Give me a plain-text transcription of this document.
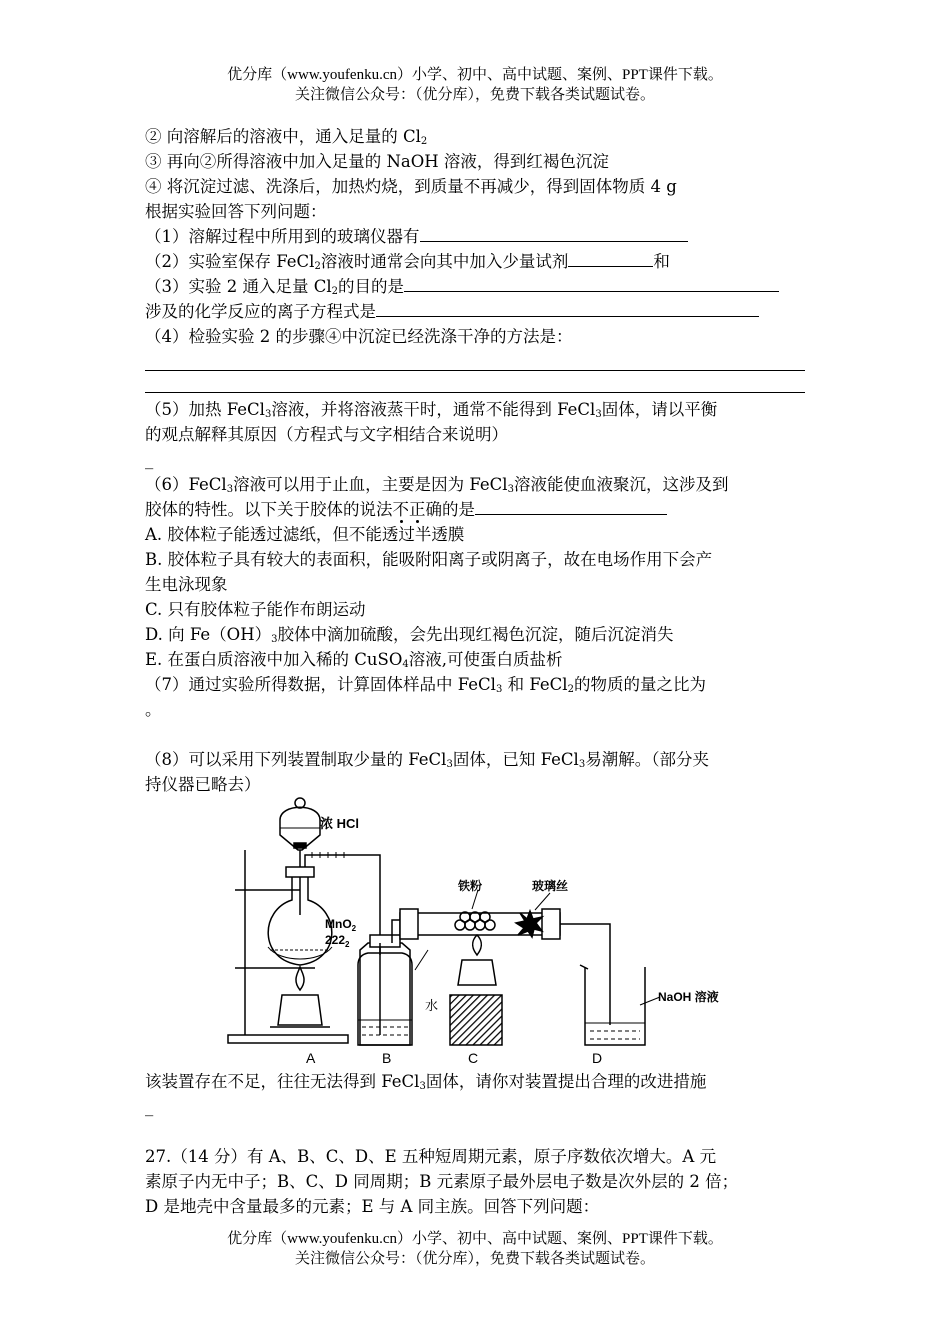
优分库（www.youfenku.cn）小学、初中、高中试题、案例、PPT课件下载。
关注微信公众号：（优分库），免费下载各类试题试卷。
② 向溶解后的溶液中，通入足量的 $Cl_2$
③ 再向②所得溶液中加入足量的 NaOH 溶液，得到红褐色沉淀
④ 将沉淀过滤、洗涤后，加热灼烧，到质量不再减少，得到固体物质 4 g
根据实验回答下列问题：
（1）溶解过程中所用到的玻璃仪器有
（2）实验室保存 FeCl$_2$溶液时通常会向其中加入少量试剂	和
（3）实验 2 通入足量 $Cl_2$的目的是
涉及的化学反应的离子方程式是
（4）检验实验 2 的步骤④中沉淀已经洗涤干净的方法是：
（5）加热 FeCl$_3$溶液，并将溶液蒸干时，通常不能得到 FeCl$_3$固体，请以平衡
的观点解释其原因（方程式与文字相结合来说明）
_
（6）FeCl$_3$溶液可以用于止血，主要是因为 FeCl$_3$溶液能使血液聚沉，这涉及到
胶体的特性。以下关于胶体的说法不正确的是
A. 胶体粒子能透过滤纸，但不能透过半透膜
B. 胶体粒子具有较大的表面积，能吸附阳离子或阴离子，故在电场作用下会产
生电泳现象
C. 只有胶体粒子能作布朗运动
D. 向 $Fe(OH)_3$胶体中滴加硫酸，会先出现红褐色沉淀，随后沉淀消失
E. 在蛋白质溶液中加入稀的 CuSO$_4$溶液,可使蛋白质盐析
（7）通过实验所得数据，计算固体样品中 FeCl$_3$ 和 FeCl$_2$的物质的量之比为
。
（8）可以采用下列装置制取少量的 FeCl$_3$固体，已知 FeCl$_3$易潮解。（部分夹
持仪器已略去）
浓 HCl
MnO$_2$
$222_2$
铁粉	玻璃丝
水
NaOH 溶液
A	B	C	D
该装置存在不足，往往无法得到 FeCl$_3$固体，请你对装置提出合理的改进措施
_
27.（14 分）有 A、B、C、D、E 五种短周期元素，原子序数依次增大。A 元
素原子内无中子；B、C、D 同周期；B 元素原子最外层电子数是次外层的 2 倍；
D 是地壳中含量最多的元素；E 与 A 同主族。回答下列问题：
优分库（www.youfenku.cn）小学、初中、高中试题、案例、PPT课件下载。
关注微信公众号：（优分库），免费下载各类试题试卷。
